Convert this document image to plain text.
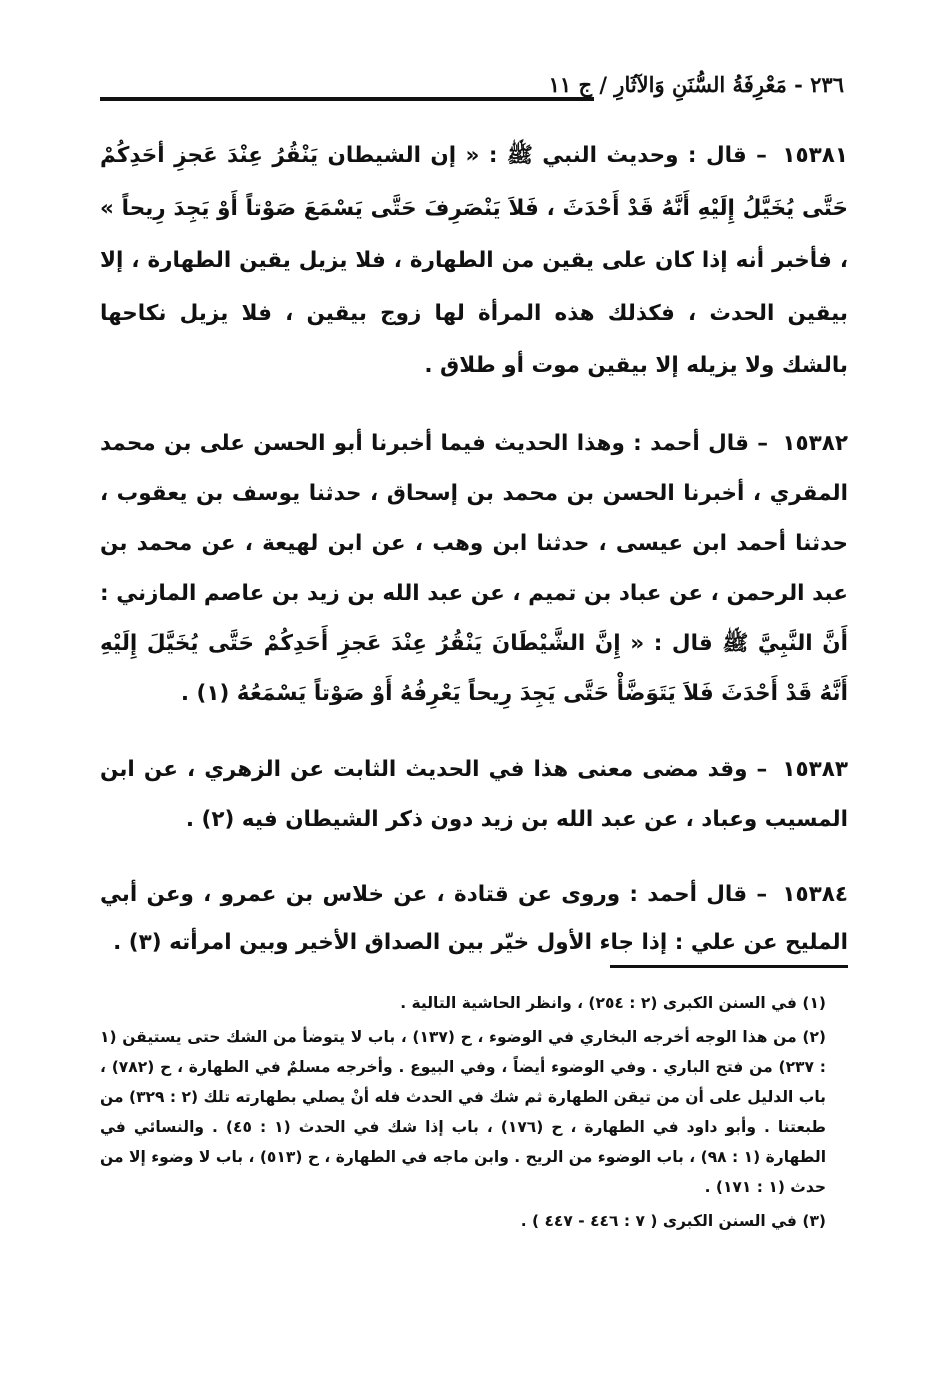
٢٣٦ - مَعْرِفَةُ السُّنَنِ وَالآثَارِ / ج ١١

١٥٣٨١ – قال : وحديث النبي ﷺ : « إن الشيطان يَنْقُرُ عِنْدَ عَجزِ أحَدِكُمْ حَتَّى يُخَيَّلُ إِلَيْهِ أَنَّهُ قَدْ أَحْدَثَ ، فَلاَ يَنْصَرِفَ حَتَّى يَسْمَعَ صَوْتاً أَوْ يَجِدَ رِيحاً » ، فأخبر أنه إذا كان على يقين من الطهارة ، فلا يزيل يقين الطهارة ، إلا بيقين الحدث ، فكذلك هذه المرأة لها زوج بيقين ، فلا يزيل نكاحها بالشك ولا يزيله إلا بيقين موت أو طلاق .

١٥٣٨٢ – قال أحمد : وهذا الحديث فيما أخبرنا أبو الحسن على بن محمد المقري ، أخبرنا الحسن بن محمد بن إسحاق ، حدثنا يوسف بن يعقوب ، حدثنا أحمد ابن عيسى ، حدثنا ابن وهب ، عن ابن لهيعة ، عن محمد بن عبد الرحمن ، عن عباد بن تميم ، عن عبد الله بن زيد بن عاصم المازني : أَنَّ النَّبِيَّ ﷺ قال : « إِنَّ الشَّيْطَانَ يَنْقُرُ عِنْدَ عَجزِ أَحَدِكُمْ حَتَّى يُخَيَّلَ إِلَيْهِ أَنَّهُ قَدْ أَحْدَثَ فَلاَ يَتَوَضَّأْ حَتَّى يَجِدَ رِيحاً يَعْرِفُهُ أَوْ صَوْتاً يَسْمَعُهُ (١) .

١٥٣٨٣ – وقد مضى معنى هذا في الحديث الثابت عن الزهري ، عن ابن المسيب وعباد ، عن عبد الله بن زيد دون ذكر الشيطان فيه (٢) .

١٥٣٨٤ – قال أحمد : وروى عن قتادة ، عن خلاس بن عمرو ، وعن أبي المليح عن علي : إذا جاء الأول خيّر بين الصداق الأخير وبين امرأته (٣) .

(١) في السنن الكبرى (٢ : ٢٥٤) ، وانظر الحاشية التالية .

(٢) من هذا الوجه أخرجه البخاري في الوضوء ، ح (١٣٧) ، باب لا يتوضأ من الشك حتى يستيقن (١ : ٢٣٧) من فتح الباري . وفي الوضوء أيضاً ، وفي البيوع . وأخرجه مسلمٌ في الطهارة ، ح (٧٨٢) ، باب الدليل على أن من تيقن الطهارة ثم شك في الحدث فله أنْ يصلي بطهارته تلك (٢ : ٣٢٩) من طبعتنا . وأبو داود في الطهارة ، ح (١٧٦) ، باب إذا شك في الحدث (١ : ٤٥) . والنسائي في الطهارة (١ : ٩٨) ، باب الوضوء من الريح . وابن ماجه في الطهارة ، ح (٥١٣) ، باب لا وضوء إلا من حدث (١ : ١٧١) .

(٣) في السنن الكبرى ( ٧ : ٤٤٦ - ٤٤٧ ) .
